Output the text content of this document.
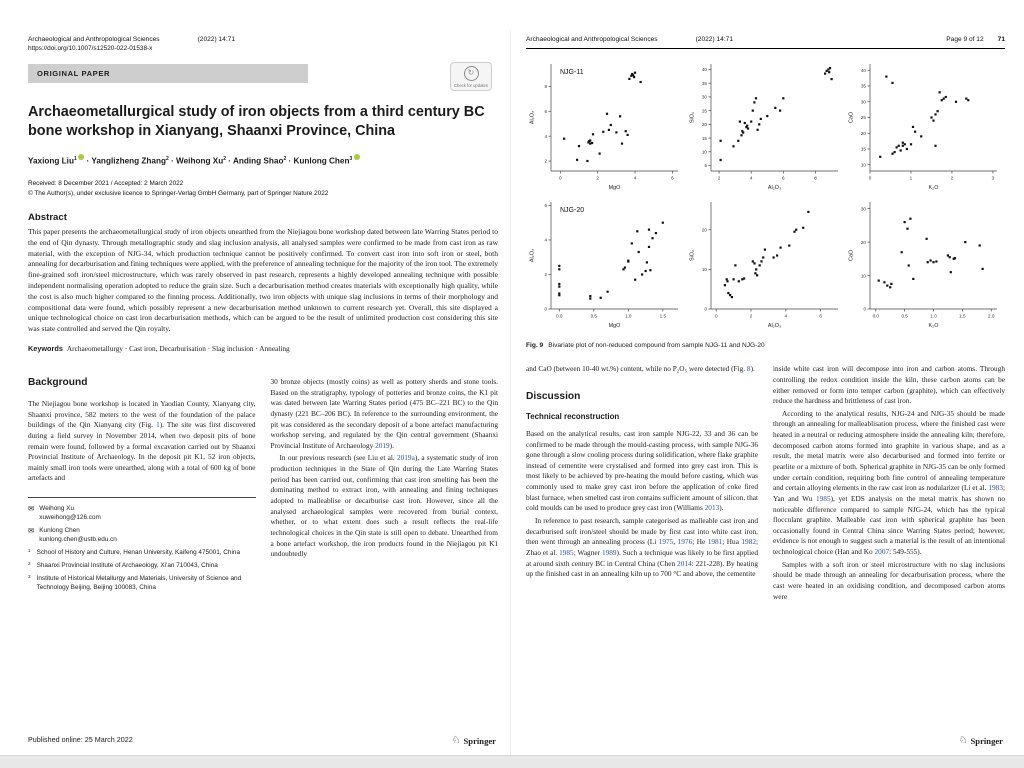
Archaeological and Anthropological Sciences	(2022) 14:71
https://doi.org/10.1007/s12520-022-01538-x
ORIGINAL PAPER	↻
Check for updates
Archaeometallurgical study of iron objects from a third century BC bone workshop in Xianyang, Shaanxi Province, China
Yaxiong Liu$^1$ · Yanglizheng Zhang$^2$ · Weihong $Xu^2$ · Anding Shao$^2$ · Kunlong Chen$^3$
Received: 8 December 2021 / Accepted: 2 March 2022
© The Author(s), under exclusive licence to Springer-Verlag GmbH Germany, part of Springer Nature 2022
Abstract

This paper presents the archaeometallurgical study of iron objects unearthed from the Niejiagou bone workshop dated between late Warring States period to the end of Qin dynasty. Through metallographic study and slag inclusion analysis, all analysed samples were confirmed to be made from cast iron as raw material, with the exception of NJG-34, which production technique cannot be positively confirmed. To convert cast iron into soft iron or steel, both annealing for decarburisation and fining techniques were applied, with the preference of annealing technique for the majority of the iron tool. The extremely fine-grained soft iron/steel microstructure, which was rarely observed in past research, represents a highly developed annealing technique with possible independent normalising operation adopted to reduce the grain size. Such a decarburisation method creates materials with exceptionally high quality, while the cost is also much higher compared to the finning process. Additionally, two iron objects with unique slag inclusions in terms of their morphology and compositional data were found, which possibly represent a new decarburisation method unknown to current research yet. Overall, this site displayed a unique technological choice on cast iron decarburisation methods, which can be argued to be the result of unlimited production cost considering this site was state controlled and served the Qin royalty.

Keywords Archaeometallurgy · Cast iron, Decarburisation · Slag inclusion · Annealing
Background

The Niejiagou bone workshop is located in Yaodian County, Xianyang city, Shaanxi province, 582 meters to the west of the foundation of the palace buildings of the Qin Xianyang city (Fig. 1). The site was first discovered during a field survey in November 2014, when two deposit pits of bone remain were found, followed by a formal excavation carried out by Shaanxi Provincial Institute of Archaeology. In the deposit pit K1, 52 iron objects, mainly small iron tools were unearthed, along with a total of 600 kg of bone artefacts and

✉ Weihong Xu
xuweihong@126.com
✉ Kunlong Chen
kunlong.chen@ustb.edu.cn
1 School of History and Culture, Henan University, Kaifeng 475001, China
2 Shaanxi Provincial Institute of Archaeology, Xi'an 710043, China
3 Institute of Historical Metallurgy and Materials, University of Science and Technology Beijing, Beijing 100083, China

30 bronze objects (mostly coins) as well as pottery sherds and stone tools. Based on the stratigraphy, typology of potteries and bronze coins, the K1 pit was dated between late Warring States period (475 BC–221 BC) to the Qin dynasty (221 BC–206 BC). In reference to the surrounding environment, the pit was considered as the secondary deposit of a bone artefact manufacturing workshop serving, and regulated by the Qin central government (Shaanxi Provincial Institute of Archaeology 2019).

In our previous research (see Liu et al. 2019a), a systematic study of iron production techniques in the State of Qin during the Late Warring States period has been carried out, confirming that cast iron smelting has been the dominating method to extract iron, with annealing and fining techniques adopted to malleablise or decarburise cast iron. However, since all the analysed archaeological samples were recovered from burial context, whether, or to what extent does such a result reflects the real-life technological choices in the Qin state is still open to debate. Unearthed from a bone artefact workshop, the iron products found in the Niejiagou pit K1 undoubtedly

Published online: 25 March 2022	♘ Springer
Archaeological and Anthropological Sciences	(2022) 14:71	Page 9 of 12 71
0	2	4	6
2
4
6
8
MgO
Al₂O₃
NJG-11
2	4	6	8
5
10
15
20
25
30
35
40
Al₂O₃
SiO₂
0	1	2	3
10
15
20
25
30
35
40
K₂O
CaO
0.0	0.5	1.0	1.5
0
2
4
6
MgO
Al₂O₃
NJG-20
0	2	4	6
0
10
20
Al₂O₃
SiO₂
0.0	0.5	1.0	1.5	2.0
0
10
20
30
K₂O
CaO
Fig. 9 Bivariate plot of non-reduced compound from sample NJG-11 and NJG-20

and CaO (between 10-40 wt.%) content, while no P₂O₅ were detected (Fig. 8).

Discussion
Technical reconstruction

Based on the analytical results, cast iron sample NJG-22, 33 and 36 can be confirmed to be made through the mould-casting process, with sample NJG-36 gone through a slow cooling process during solidification, where flake graphite instead of cementite were crystalised and formed into grey cast iron. This is most likely to be achieved by pre-heating the mould before casting, which was commonly used to make grey cast iron before the application of coke fired blast furnace, when smelted cast iron contains sufficient amount of silicon, that cold moulds can be used to produce grey cast iron (Williams 2013).

In reference to past research, sample categorised as malleable cast iron and decarburised soft iron/steel should be made by first cast into white cast iron, then went through an annealing process (Li 1975, 1976; He 1981; Hua 1982; Zhao et al. 1985; Wagner 1989). Such a technique was likely to be first applied at around sixth century BC in Central China (Chen 2014: 221-228). By heating up the finished cast in an annealing kiln up to 700 °C and above, the cementite

inside white cast iron will decompose into iron and carbon atoms. Through controlling the redox condition inside the kiln, these carbon atoms can be either removed or form into temper carbon (graphite), which can effectively reduce the hardness and brittleness of cast iron.

According to the analytical results, NJG-24 and NJG-35 should be made through an annealing for malleablisation process, where the finished cast were heated in a neutral or reducing atmosphere inside the annealing kiln; therefore, decomposed carbon atoms formed into graphite in various shape, and as a result, the metal matrix were also decarburised and formed into ferrite or pearlite or a mixture of both. Spherical graphite in NJG-35 can be only formed under certain condition, requiring both fine control of annealing temperature and certain alloying elements in the raw cast iron as nodularizer (Li et al. 1983; Yan and Wu 1985), yet EDS analysis on the metal matrix has shown no noticeable difference compared to sample NJG-24, which has the typical flocculant graphite. Malleable cast iron with spherical graphite has been occasionally found in Central China since Warring States period; however, evidence is not enough to suggest such a material is the result of an intentional technological choice (Han and Ko 2007: 549-555).

Samples with a soft iron or steel microstructure with no slag inclusions should be made through an annealing for decarburisation process, where the cast were heated in an oxidising condition, and decomposed carbon atoms were

♘ Springer
